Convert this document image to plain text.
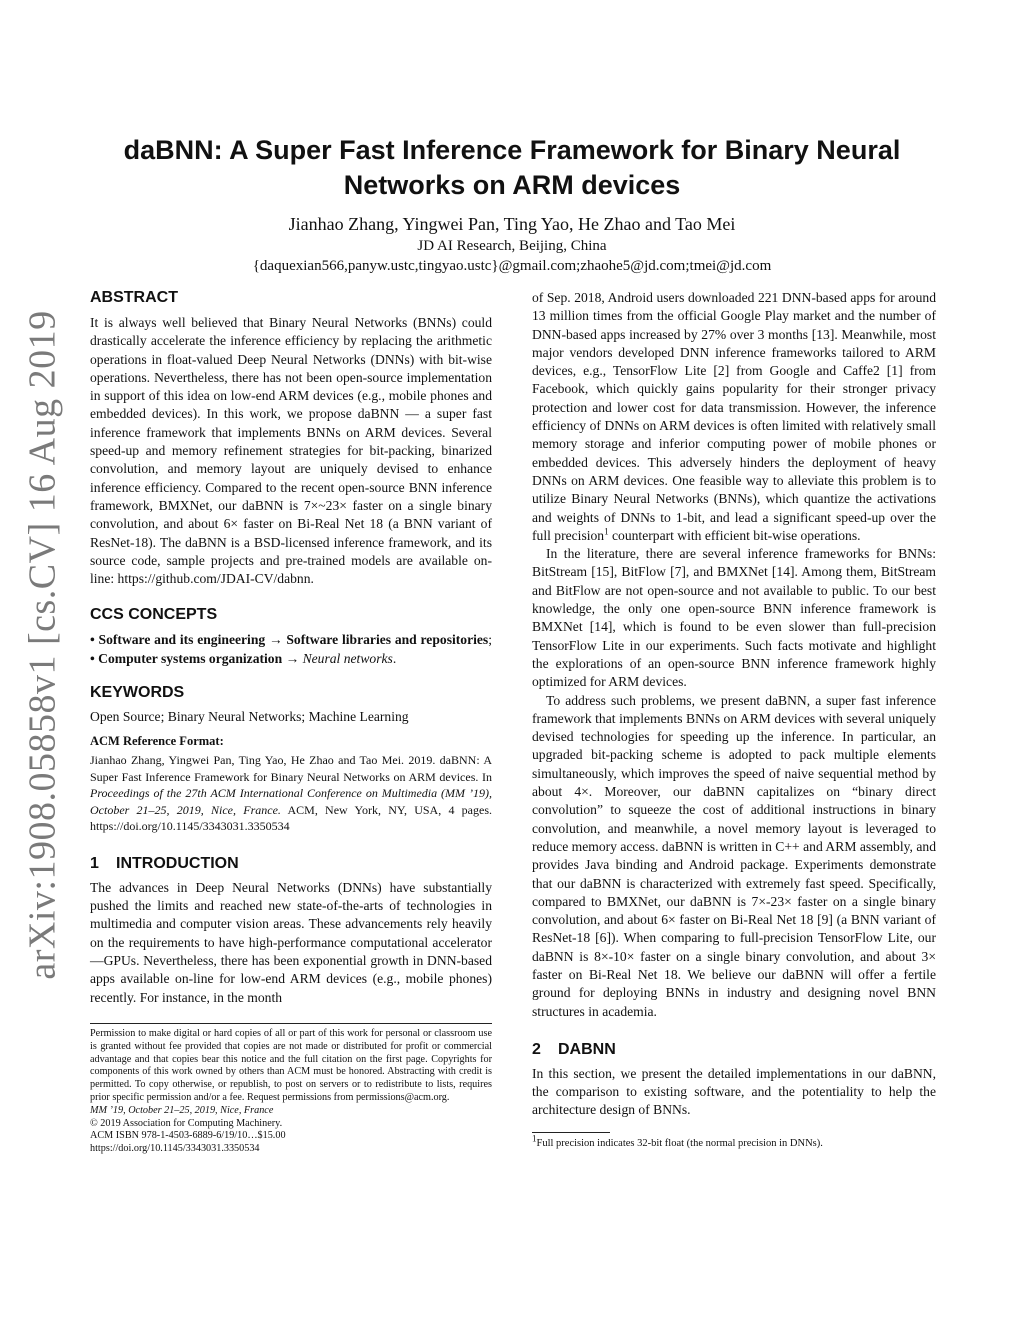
arXiv:1908.05858v1 [cs.CV] 16 Aug 2019
daBNN: A Super Fast Inference Framework for Binary Neural
Networks on ARM devices
Jianhao Zhang, Yingwei Pan, Ting Yao, He Zhao and Tao Mei
JD AI Research, Beijing, China
{daquexian566,panyw.ustc,tingyao.ustc}@gmail.com;zhaohe5@jd.com;tmei@jd.com
ABSTRACT

It is always well believed that Binary Neural Networks (BNNs) could drastically accelerate the inference efficiency by replacing the arithmetic operations in float-valued Deep Neural Networks (DNNs) with bit-wise operations. Nevertheless, there has not been open-source implementation in support of this idea on low-end ARM devices (e.g., mobile phones and embedded devices). In this work, we propose daBNN — a super fast inference framework that implements BNNs on ARM devices. Several speed-up and memory refinement strategies for bit-packing, binarized convolution, and memory layout are uniquely devised to enhance inference efficiency. Compared to the recent open-source BNN inference framework, BMXNet, our daBNN is 7×~23× faster on a single binary convolution, and about 6× faster on Bi-Real Net 18 (a BNN variant of ResNet-18). The daBNN is a BSD-licensed inference framework, and its source code, sample projects and pre-trained models are available on-line: https://github.com/JDAI-CV/dabnn.

CCS CONCEPTS

• Software and its engineering → Software libraries and repositories; • Computer systems organization → Neural networks.

KEYWORDS

Open Source; Binary Neural Networks; Machine Learning

ACM Reference Format:

Jianhao Zhang, Yingwei Pan, Ting Yao, He Zhao and Tao Mei. 2019. daBNN: A Super Fast Inference Framework for Binary Neural Networks on ARM devices. In Proceedings of the 27th ACM International Conference on Multimedia (MM ’19), October 21–25, 2019, Nice, France. ACM, New York, NY, USA, 4 pages. https://doi.org/10.1145/3343031.3350534

1 INTRODUCTION

The advances in Deep Neural Networks (DNNs) have substantially pushed the limits and reached new state-of-the-arts of technologies in multimedia and computer vision areas. These advancements rely heavily on the requirements to have high-performance computational accelerator—GPUs. Nevertheless, there has been exponential growth in DNN-based apps available on-line for low-end ARM devices (e.g., mobile phones) recently. For instance, in the month

Permission to make digital or hard copies of all or part of this work for personal or classroom use is granted without fee provided that copies are not made or distributed for profit or commercial advantage and that copies bear this notice and the full citation on the first page. Copyrights for components of this work owned by others than ACM must be honored. Abstracting with credit is permitted. To copy otherwise, or republish, to post on servers or to redistribute to lists, requires prior specific permission and/or a fee. Request permissions from permissions@acm.org.

MM ’19, October 21–25, 2019, Nice, France

© 2019 Association for Computing Machinery.

ACM ISBN 978-1-4503-6889-6/19/10…$15.00

https://doi.org/10.1145/3343031.3350534

of Sep. 2018, Android users downloaded 221 DNN-based apps for around 13 million times from the official Google Play market and the number of DNN-based apps increased by 27% over 3 months [13]. Meanwhile, most major vendors developed DNN inference frameworks tailored to ARM devices, e.g., TensorFlow Lite [2] from Google and Caffe2 [1] from Facebook, which quickly gains popularity for their stronger privacy protection and lower cost for data transmission. However, the inference efficiency of DNNs on ARM devices is often limited with relatively small memory storage and inferior computing power of mobile phones or embedded devices. This adversely hinders the deployment of heavy DNNs on ARM devices. One feasible way to alleviate this problem is to utilize Binary Neural Networks (BNNs), which quantize the activations and weights of DNNs to 1-bit, and lead a significant speed-up over the full precision$^1$ counterpart with efficient bit-wise operations.

In the literature, there are several inference frameworks for BNNs: BitStream [15], BitFlow [7], and BMXNet [14]. Among them, BitStream and BitFlow are not open-source and not available to public. To our best knowledge, the only one open-source BNN inference framework is BMXNet [14], which is found to be even slower than full-precision TensorFlow Lite in our experiments. Such facts motivate and highlight the explorations of an open-source BNN inference framework highly optimized for ARM devices.

To address such problems, we present daBNN, a super fast inference framework that implements BNNs on ARM devices with several uniquely devised technologies for speeding up the inference. In particular, an upgraded bit-packing scheme is adopted to pack multiple elements simultaneously, which improves the speed of naive sequential method by about 4×. Moreover, our daBNN capitalizes on “binary direct convolution” to squeeze the cost of additional instructions in binary convolution, and meanwhile, a novel memory layout is leveraged to reduce memory access. daBNN is written in C++ and ARM assembly, and provides Java binding and Android package. Experiments demonstrate that our daBNN is characterized with extremely fast speed. Specifically, compared to BMXNet, our daBNN is 7×-23× faster on a single binary convolution, and about 6× faster on Bi-Real Net 18 [9] (a BNN variant of ResNet-18 [6]). When comparing to full-precision TensorFlow Lite, our daBNN is 8×-10× faster on a single binary convolution, and about 3× faster on Bi-Real Net 18. We believe our daBNN will offer a fertile ground for deploying BNNs in industry and designing novel BNN structures in academia.

2 DABNN

In this section, we present the detailed implementations in our daBNN, the comparison to existing software, and the potentiality to help the architecture design of BNNs.

$^1$Full precision indicates 32-bit float (the normal precision in DNNs).
